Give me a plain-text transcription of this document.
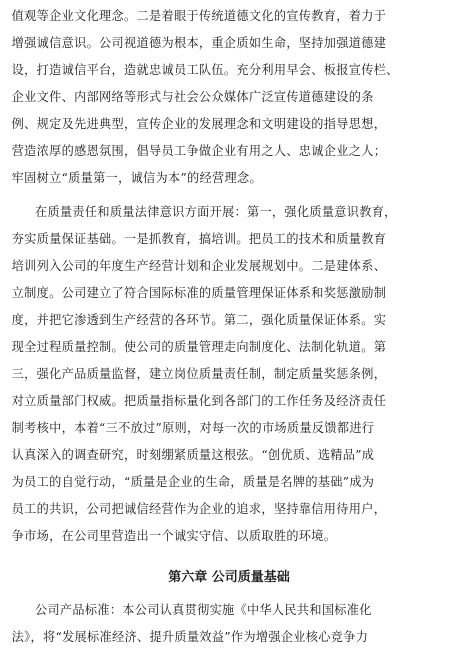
值观等企业文化理念。二是着眼于传统道德文化的宣传教育，着力于
增强诚信意识。公司视道德为根本，重企质如生命，坚持加强道德建
设，打造诚信平台，造就忠诚员工队伍。充分利用早会、板报宣传栏、
企业文件、内部网络等形式与社会公众媒体广泛宣传道德建设的条
例、规定及先进典型，宣传企业的发展理念和文明建设的指导思想，
营造浓厚的感恩氛围，倡导员工争做企业有用之人、忠诚企业之人；
牢固树立“质量第一，诚信为本”的经营理念。
在质量责任和质量法律意识方面开展：第一，强化质量意识教育，
夯实质量保证基础。一是抓教育，搞培训。把员工的技术和质量教育
培训列入公司的年度生产经营计划和企业发展规划中。二是建体系、
立制度。公司建立了符合国际标准的质量管理保证体系和奖惩激励制
度，并把它渗透到生产经营的各环节。第二，强化质量保证体系。实
现全过程质量控制。使公司的质量管理走向制度化、法制化轨道。第
三，强化产品质量监督，建立岗位质量责任制，制定质量奖惩条例，
对立质量部门权威。把质量指标量化到各部门的工作任务及经济责任
制考核中，本着“三不放过”原则，对每一次的市场质量反馈都进行
认真深入的调查研究，时刻绷紧质量这根弦。“创优质、选精品”成
为员工的自觉行动，“质量是企业的生命，质量是名牌的基础”成为
员工的共识，公司把诚信经营作为企业的追求，坚持靠信用待用户，
争市场，在公司里营造出一个诚实守信、以质取胜的环境。
第六章 公司质量基础
公司产品标准：本公司认真贯彻实施《中华人民共和国标准化
法》，将“发展标准经济、提升质量效益”作为增强企业核心竞争力
